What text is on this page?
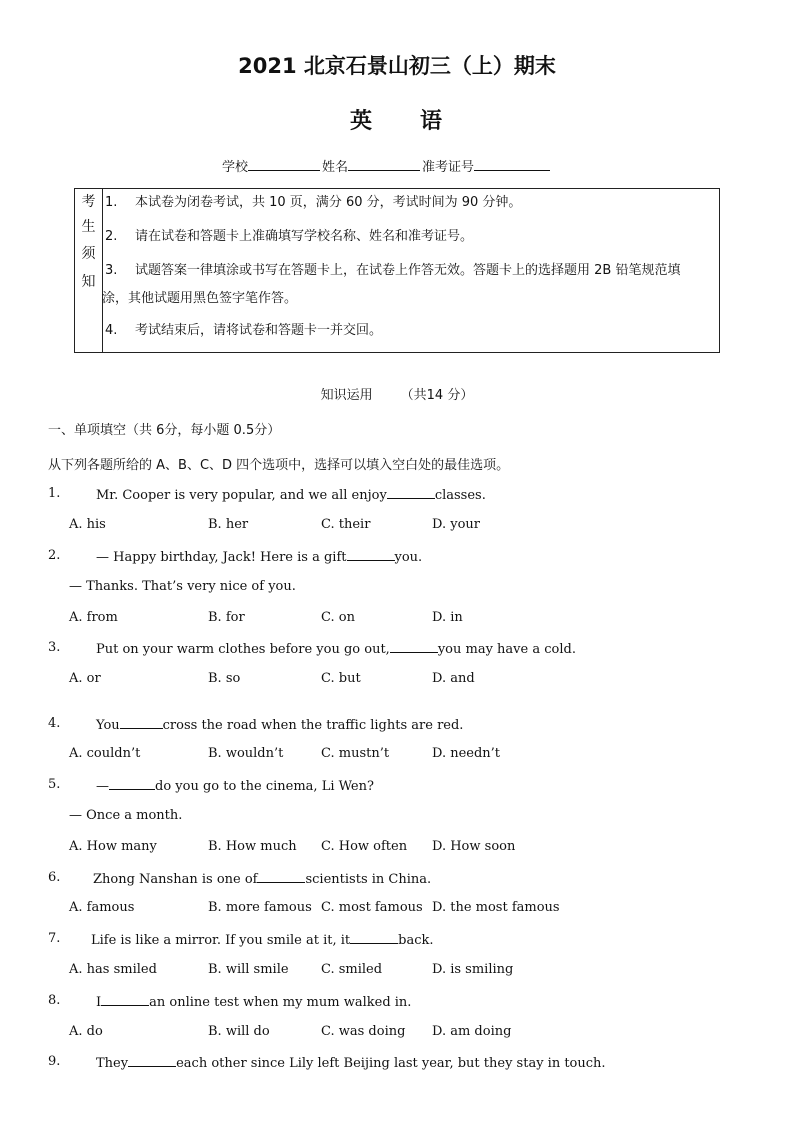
2021 北京石景山初三（上）期末
英 语
学校	姓名	准考证号
考
生
须
知
1. 本试卷为闭卷考试，共 10 页，满分 60 分，考试时间为 90 分钟。
2. 请在试卷和答题卡上准确填写学校名称、姓名和准考证号。
3. 试题答案一律填涂或书写在答题卡上，在试卷上作答无效。答题卡上的选择题用 2B 铅笔规范填
涂，其他试题用黑色签字笔作答。
4. 考试结束后，请将试卷和答题卡一并交回。
知识运用 （共14 分）
一、单项填空（共 6分，每小题 0.5分）
从下列各题所给的 A、B、C、D 四个选项中，选择可以填入空白处的最佳选项。
1.	Mr. Cooper is very popular, and we all enjoy	classes.
A. his	B. her	C. their	D. your
2.	— Happy birthday, Jack! Here is a gift	you.
— Thanks. That’s very nice of you.
A. from	B. for	C. on	D. in
3.	Put on your warm clothes before you go out,	you may have a cold.
A. or	B. so	C. but	D. and
4.	You	cross the road when the traffic lights are red.
A. couldn’t	B. wouldn’t	C. mustn’t	D. needn’t
5.	—	do you go to the cinema, Li Wen?
— Once a month.
A. How many	B. How much C. How often D. How soon
6.	Zhong Nanshan is one of	scientists in China.
A. famous	B. more famous C. most famous D. the most famous
7. Life is like a mirror. If you smile at it, it	back.
A. has smiled	B. will smile C. smiled	D. is smiling
8.	I	an online test when my mum walked in.
A. do	B. will do	C. was doing D. am doing
9.	They	each other since Lily left Beijing last year, but they stay in touch.
